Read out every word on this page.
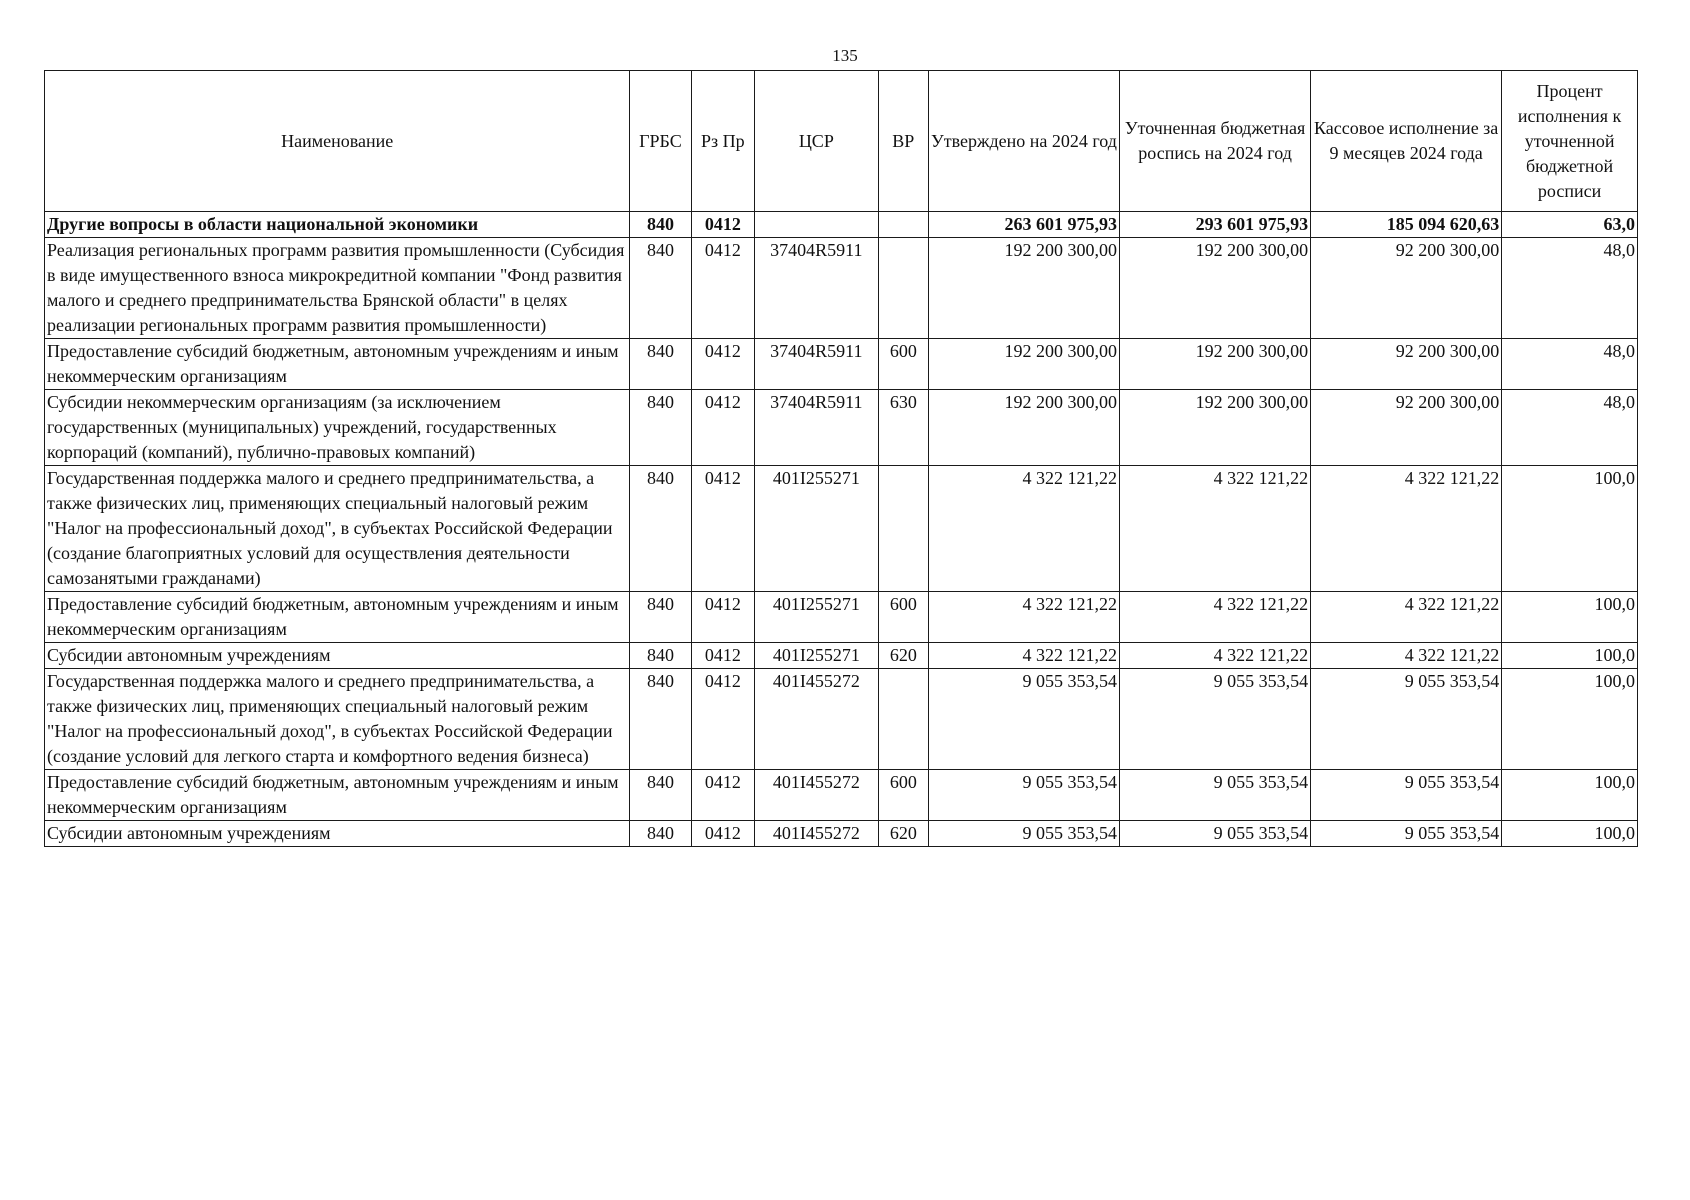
135
Наименование	ГРБС	Рз Пр	ЦСР	ВР	Утверждено на 2024 год	Уточненная бюджетная роспись на 2024 год	Кассовое исполнение за 9 месяцев 2024 года	Процент исполнения к уточненной бюджетной росписи
Другие вопросы в области национальной экономики	840	0412			263 601 975,93	293 601 975,93	185 094 620,63	63,0
Реализация региональных программ развития промышленности (Субсидия в виде имущественного взноса микрокредитной компании "Фонд развития малого и среднего предпринимательства Брянской области" в целях реализации региональных программ развития промышленности)	840	0412	37404R5911		192 200 300,00	192 200 300,00	92 200 300,00	48,0
Предоставление субсидий бюджетным, автономным учреждениям и иным некоммерческим организациям	840	0412	37404R5911	600	192 200 300,00	192 200 300,00	92 200 300,00	48,0
Субсидии некоммерческим организациям (за исключением государственных (муниципальных) учреждений, государственных корпораций (компаний), публично-правовых компаний)	840	0412	37404R5911	630	192 200 300,00	192 200 300,00	92 200 300,00	48,0
Государственная поддержка малого и среднего предпринимательства, а также физических лиц, применяющих специальный налоговый режим "Налог на профессиональный доход", в субъектах Российской Федерации (создание благоприятных условий для осуществления деятельности самозанятыми гражданами)	840	0412	401I255271		4 322 121,22	4 322 121,22	4 322 121,22	100,0
Предоставление субсидий бюджетным, автономным учреждениям и иным некоммерческим организациям	840	0412	401I255271	600	4 322 121,22	4 322 121,22	4 322 121,22	100,0
Субсидии автономным учреждениям	840	0412	401I255271	620	4 322 121,22	4 322 121,22	4 322 121,22	100,0
Государственная поддержка малого и среднего предпринимательства, а также физических лиц, применяющих специальный налоговый режим "Налог на профессиональный доход", в субъектах Российской Федерации (создание условий для легкого старта и комфортного ведения бизнеса)	840	0412	401I455272		9 055 353,54	9 055 353,54	9 055 353,54	100,0
Предоставление субсидий бюджетным, автономным учреждениям и иным некоммерческим организациям	840	0412	401I455272	600	9 055 353,54	9 055 353,54	9 055 353,54	100,0
Субсидии автономным учреждениям	840	0412	401I455272	620	9 055 353,54	9 055 353,54	9 055 353,54	100,0
